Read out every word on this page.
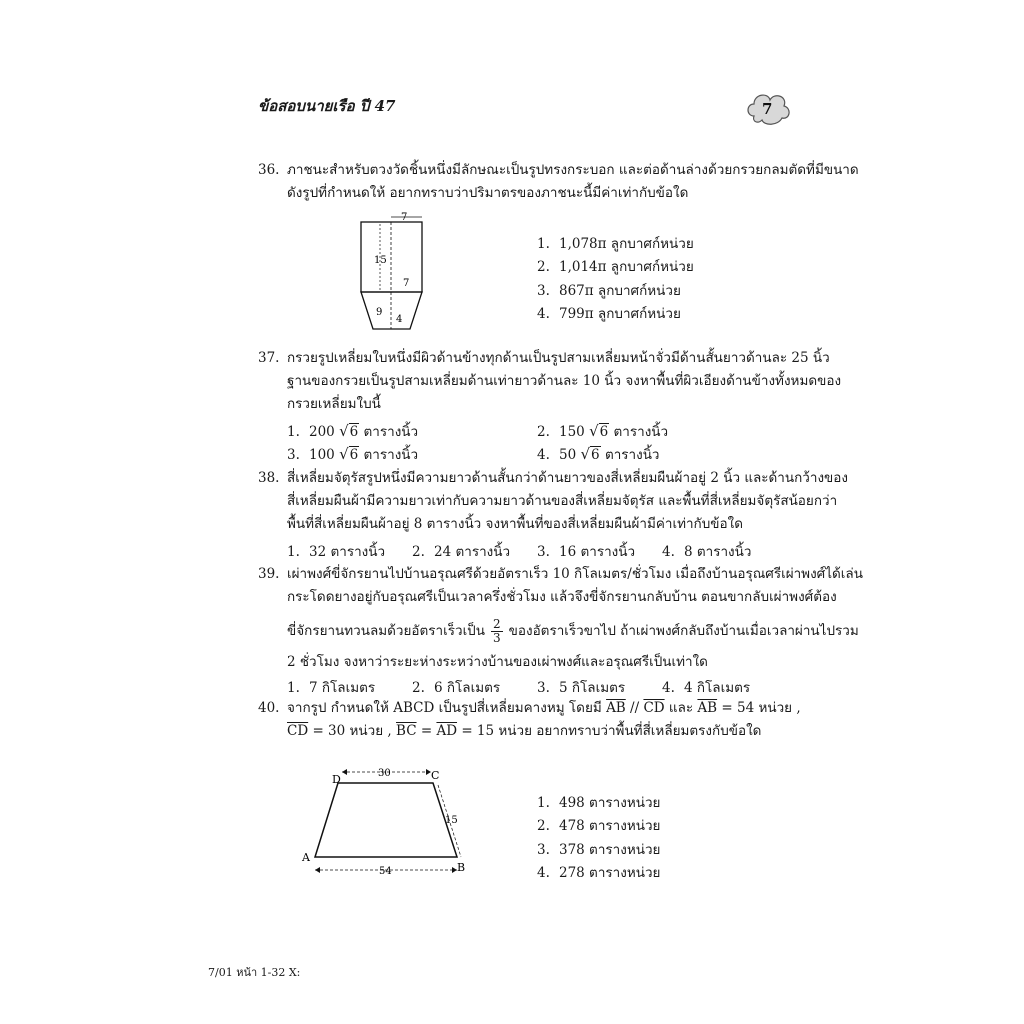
ข้อสอบนายเรือ ปี 47	7
36. ภาชนะสำหรับตวงวัดชิ้นหนึ่งมีลักษณะเป็นรูปทรงกระบอก และต่อด้านล่างด้วยกรวยกลมตัดที่มีขนาด
ดังรูปที่กำหนดให้ อยากทราบว่าปริมาตรของภาชนะนี้มีค่าเท่ากับข้อใด
7
15
7
9
4
1. 1,078π ลูกบาศก์หน่วย
2. 1,014π ลูกบาศก์หน่วย
3. 867π ลูกบาศก์หน่วย
4. 799π ลูกบาศก์หน่วย
37. กรวยรูปเหลี่ยมใบหนึ่งมีผิวด้านข้างทุกด้านเป็นรูปสามเหลี่ยมหน้าจั่วมีด้านสั้นยาวด้านละ 25 นิ้ว
ฐานของกรวยเป็นรูปสามเหลี่ยมด้านเท่ายาวด้านละ 10 นิ้ว จงหาพื้นที่ผิวเอียงด้านข้างทั้งหมดของ
กรวยเหลี่ยมใบนี้
1. 200 √6 ตารางนิ้ว	2. 150 √6 ตารางนิ้ว
3. 100 √6 ตารางนิ้ว	4. 50 √6 ตารางนิ้ว
38. สี่เหลี่ยมจัตุรัสรูปหนึ่งมีความยาวด้านสั้นกว่าด้านยาวของสี่เหลี่ยมผืนผ้าอยู่ 2 นิ้ว และด้านกว้างของ
สี่เหลี่ยมผืนผ้ามีความยาวเท่ากับความยาวด้านของสี่เหลี่ยมจัตุรัส และพื้นที่สี่เหลี่ยมจัตุรัสน้อยกว่า
พื้นที่สี่เหลี่ยมผืนผ้าอยู่ 8 ตารางนิ้ว จงหาพื้นที่ของสี่เหลี่ยมผืนผ้ามีค่าเท่ากับข้อใด
1. 32 ตารางนิ้ว 2. 24 ตารางนิ้ว 3. 16 ตารางนิ้ว 4. 8 ตารางนิ้ว
39. เผ่าพงศ์ขี่จักรยานไปบ้านอรุณศรีด้วยอัตราเร็ว 10 กิโลเมตร/ชั่วโมง เมื่อถึงบ้านอรุณศรีเผ่าพงศ์ได้เล่น
กระโดดยางอยู่กับอรุณศรีเป็นเวลาครึ่งชั่วโมง แล้วจึงขี่จักรยานกลับบ้าน ตอนขากลับเผ่าพงศ์ต้อง
ขี่จักรยานทวนลมด้วยอัตราเร็วเป็น $\frac{2}{3}$ ของอัตราเร็วขาไป ถ้าเผ่าพงศ์กลับถึงบ้านเมื่อเวลาผ่านไปรวม
2 ชั่วโมง จงหาว่าระยะห่างระหว่างบ้านของเผ่าพงศ์และอรุณศรีเป็นเท่าใด
1. 7 กิโลเมตร	2. 6 กิโลเมตร	3. 5 กิโลเมตร	4. 4 กิโลเมตร
40. จากรูป กำหนดให้ ABCD เป็นรูปสี่เหลี่ยมคางหมู โดยมี $\overline{AB} // \overline{CD}$ และ $\overline{AB} = 54$ หน่วย ,
$\overline{CD} = 30$ หน่วย , $\overline{BC} = \overline{AD} = 15$ หน่วย อยากทราบว่าพื้นที่สี่เหลี่ยมตรงกับข้อใด
30
15
54
D	C
A
B
1. 498 ตารางหน่วย
2. 478 ตารางหน่วย
3. 378 ตารางหน่วย
4. 278 ตารางหน่วย
7/01 หน้า 1-32 X:
